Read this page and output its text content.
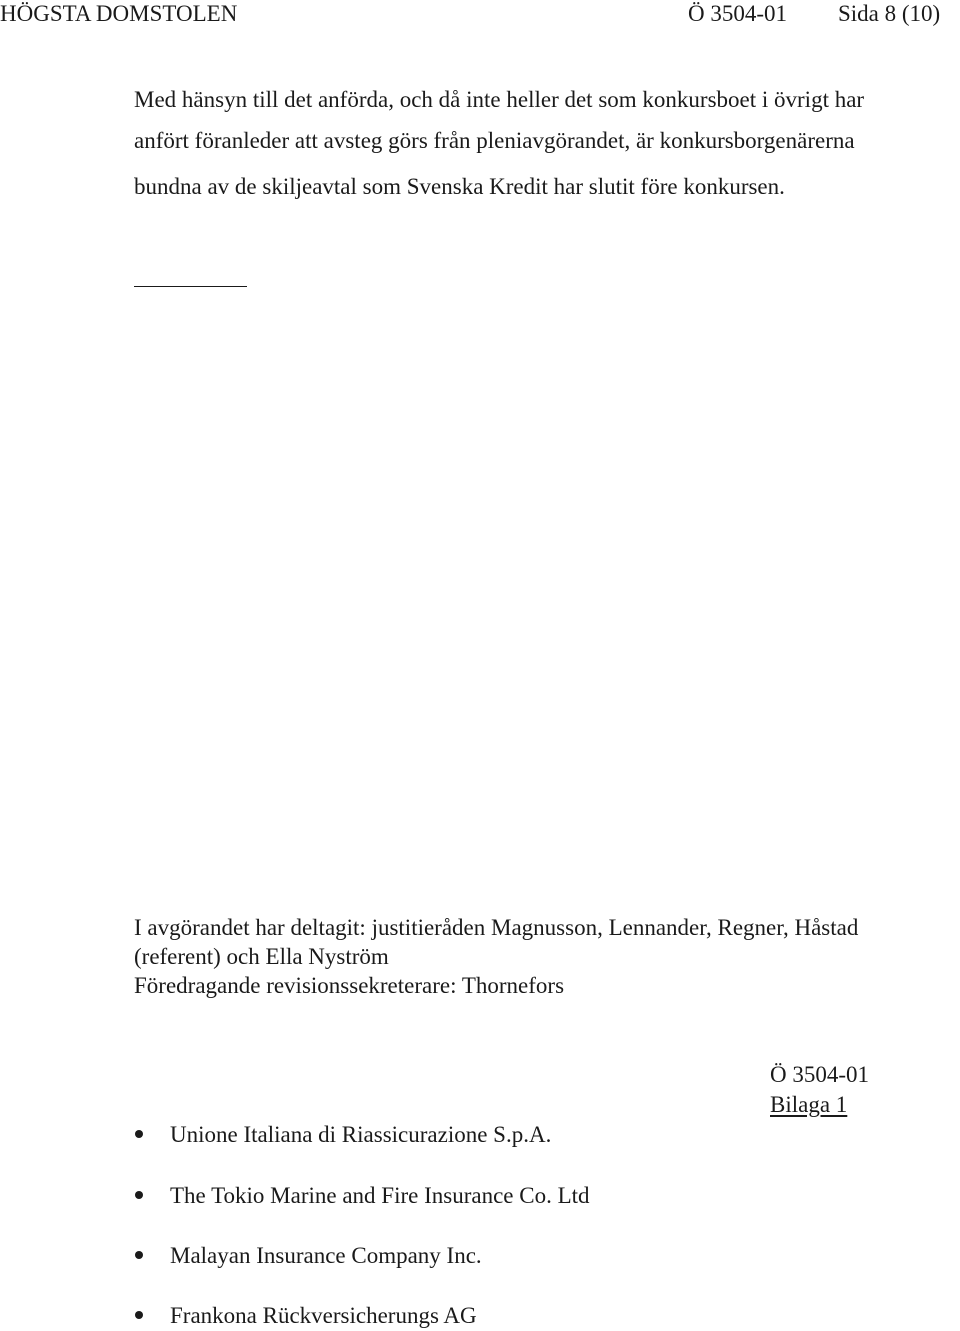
HÖGSTA DOMSTOLEN	Ö 3504-01 Sida 8 (10)
Med hänsyn till det anförda, och då inte heller det som konkursboet i övrigt har
anfört föranleder att avsteg görs från pleniavgörandet, är konkursborgenärerna
bundna av de skiljeavtal som Svenska Kredit har slutit före konkursen.
I avgörandet har deltagit: justitieråden Magnusson, Lennander, Regner, Håstad
(referent) och Ella Nyström
Föredragande revisionssekreterare: Thornefors
Ö 3504-01
Bilaga 1
Unione Italiana di Riassicurazione S.p.A.
The Tokio Marine and Fire Insurance Co. Ltd
Malayan Insurance Company Inc.
Frankona Rückversicherungs AG
